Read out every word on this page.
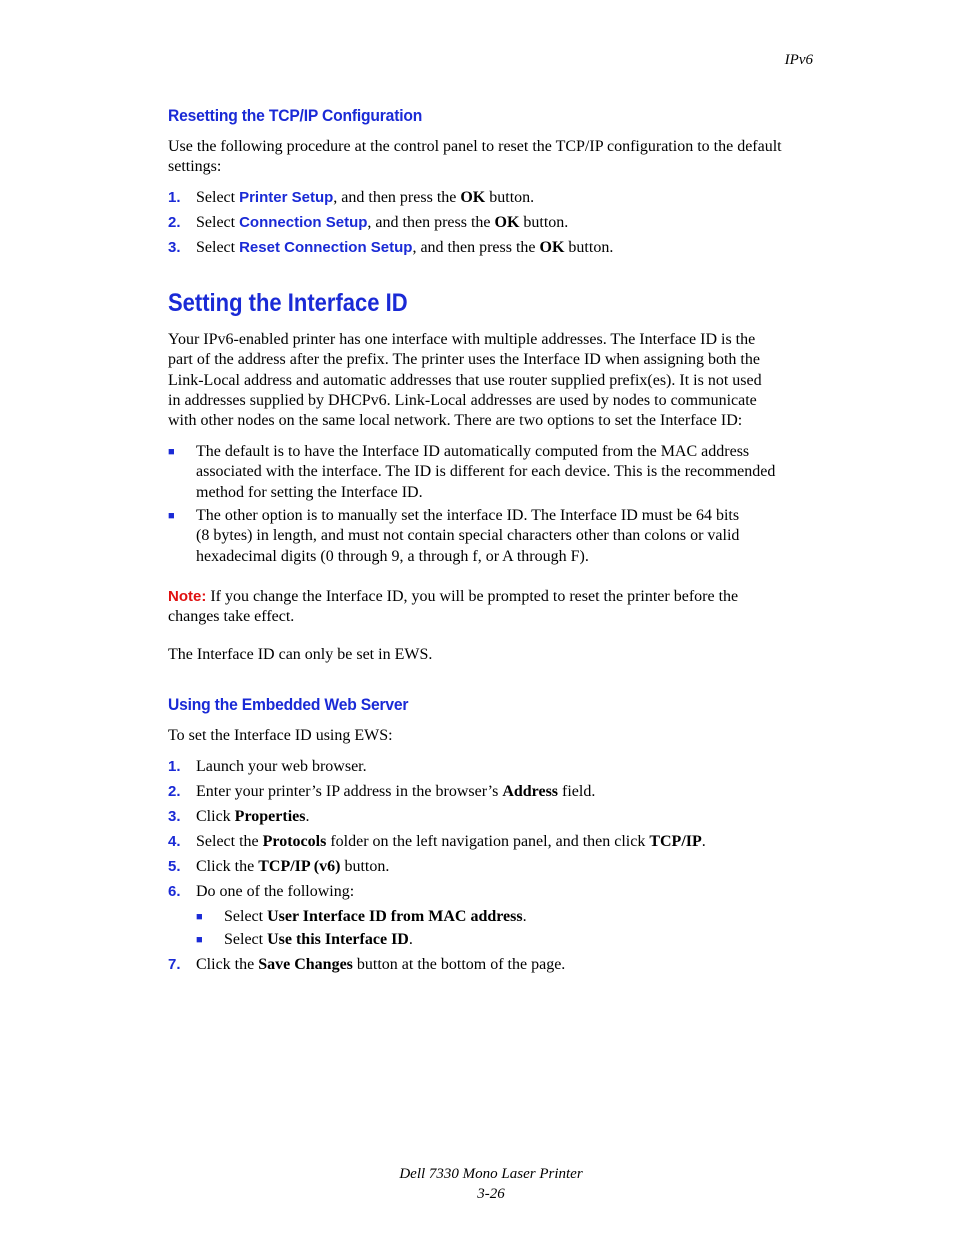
IPv6
Resetting the TCP/IP Configuration
Use the following procedure at the control panel to reset the TCP/IP configuration to the default settings:
1. Select Printer Setup, and then press the OK button.
2. Select Connection Setup, and then press the OK button.
3. Select Reset Connection Setup, and then press the OK button.
Setting the Interface ID
Your IPv6-enabled printer has one interface with multiple addresses. The Interface ID is the
part of the address after the prefix. The printer uses the Interface ID when assigning both the
Link-Local address and automatic addresses that use router supplied prefix(es). It is not used
in addresses supplied by DHCPv6. Link-Local addresses are used by nodes to communicate
with other nodes on the same local network. There are two options to set the Interface ID:
■ The default is to have the Interface ID automatically computed from the MAC address
associated with the interface. The ID is different for each device. This is the recommended
method for setting the Interface ID.
■ The other option is to manually set the interface ID. The Interface ID must be 64 bits
(8 bytes) in length, and must not contain special characters other than colons or valid
hexadecimal digits (0 through 9, a through f, or A through F).
Note: If you change the Interface ID, you will be prompted to reset the printer before the
changes take effect.
The Interface ID can only be set in EWS.
Using the Embedded Web Server
To set the Interface ID using EWS:
1. Launch your web browser.
2. Enter your printer’s IP address in the browser’s Address field.
3. Click Properties.
4. Select the Protocols folder on the left navigation panel, and then click TCP/IP.
5. Click the TCP/IP (v6) button.
6. Do one of the following:
■ Select User Interface ID from MAC address.
■ Select Use this Interface ID.
7. Click the Save Changes button at the bottom of the page.
Dell 7330 Mono Laser Printer
3-26
